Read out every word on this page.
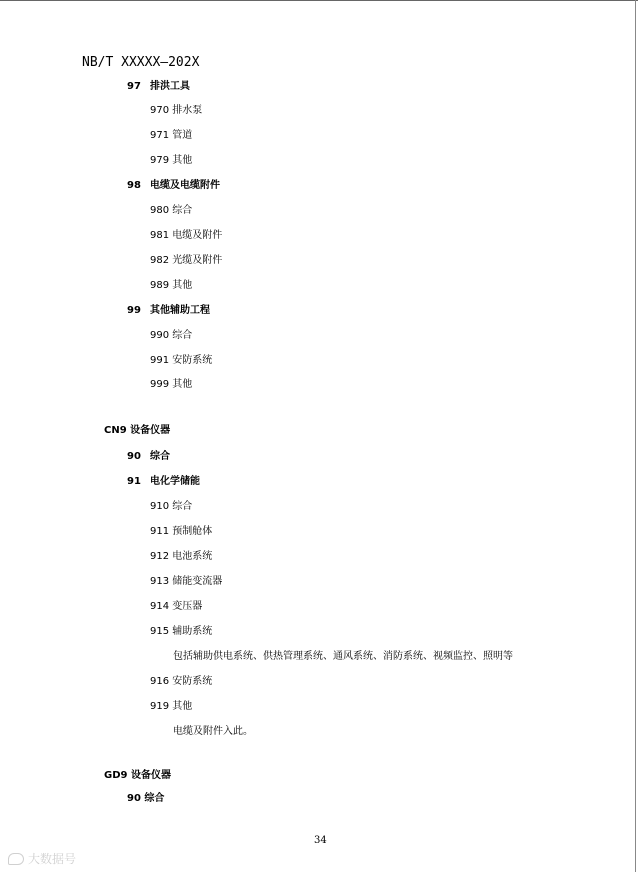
NB/T XXXXX—202X
97 排洪工具
970 排水泵
971 管道
979 其他
98 电缆及电缆附件
980 综合
981 电缆及附件
982 光缆及附件
989 其他
99 其他辅助工程
990 综合
991 安防系统
999 其他
CN9 设备仪器
90 综合
91 电化学储能
910 综合
911 预制舱体
912 电池系统
913 储能变流器
914 变压器
915 辅助系统
包括辅助供电系统、供热管理系统、通风系统、消防系统、视频监控、照明等
916 安防系统
919 其他
电缆及附件入此。
GD9 设备仪器
90 综合
34
大数据号
